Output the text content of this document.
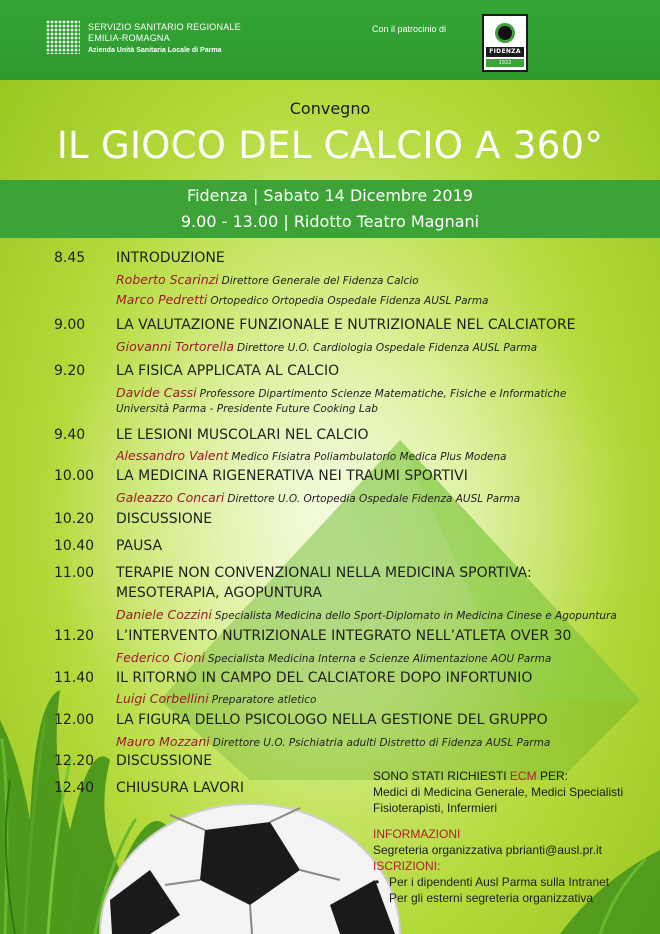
SERVIZIO SANITARIO REGIONALE
EMILIA-ROMAGNA
Azienda Unità Sanitaria Locale di Parma
Con il patrocinio di
FIDENZA
1922
Convegno
IL GIOCO DEL CALCIO A 360°
Fidenza | Sabato 14 Dicembre 2019
9.00 - 13.00 | Ridotto Teatro Magnani
8.45 INTRODUZIONE
Roberto Scarinzi Direttore Generale del Fidenza Calcio
Marco Pedretti Ortopedico Ortopedia Ospedale Fidenza AUSL Parma
9.00 LA VALUTAZIONE FUNZIONALE E NUTRIZIONALE NEL CALCIATORE
Giovanni Tortorella Direttore U.O. Cardiologia Ospedale Fidenza AUSL Parma
9.20 LA FISICA APPLICATA AL CALCIO
Davide Cassi Professore Dipartimento Scienze Matematiche, Fisiche e Informatiche
Università Parma - Presidente Future Cooking Lab
9.40 LE LESIONI MUSCOLARI NEL CALCIO
Alessandro Valent Medico Fisiatra Poliambulatorio Medica Plus Modena
10.00 LA MEDICINA RIGENERATIVA NEI TRAUMI SPORTIVI
Galeazzo Concari Direttore U.O. Ortopedia Ospedale Fidenza AUSL Parma
10.20 DISCUSSIONE
10.40 PAUSA
11.00 TERAPIE NON CONVENZIONALI NELLA MEDICINA SPORTIVA:
MESOTERAPIA, AGOPUNTURA
Daniele Cozzini Specialista Medicina dello Sport-Diplomato in Medicina Cinese e Agopuntura
11.20 L’INTERVENTO NUTRIZIONALE INTEGRATO NELL’ATLETA OVER 30
Federico Cioni Specialista Medicina Interna e Scienze Alimentazione AOU Parma
11.40 IL RITORNO IN CAMPO DEL CALCIATORE DOPO INFORTUNIO
Luigi Corbellini Preparatore atletico
12.00 LA FIGURA DELLO PSICOLOGO NELLA GESTIONE DEL GRUPPO
Mauro Mozzani Direttore U.O. Psichiatria adulti Distretto di Fidenza AUSL Parma
12.20 DISCUSSIONE
12.40 CHIUSURA LAVORI
SONO STATI RICHIESTI ECM PER:
Medici di Medicina Generale, Medici Specialisti
Fisioterapisti, Infermieri
INFORMAZIONI
Segreteria organizzativa pbrianti@ausl.pr.it
ISCRIZIONI:
• Per i dipendenti Ausl Parma sulla Intranet
• Per gli esterni segreteria organizzativa
